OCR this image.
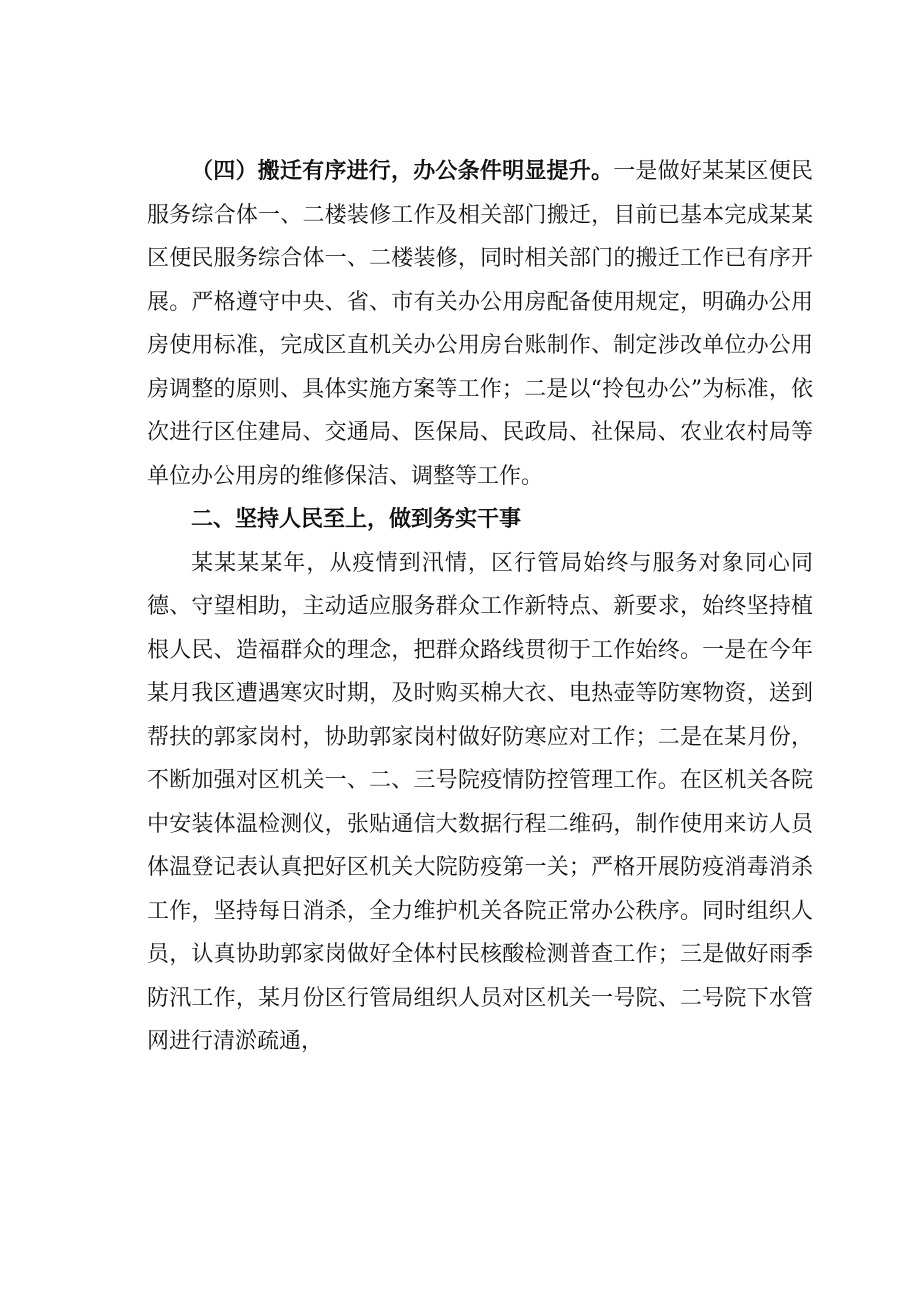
（四）搬迁有序进行，办公条件明显提升。一是做好某某区便民服务综合体一、二楼装修工作及相关部门搬迁，目前已基本完成某某区便民服务综合体一、二楼装修，同时相关部门的搬迁工作已有序开展。严格遵守中央、省、市有关办公用房配备使用规定，明确办公用房使用标准，完成区直机关办公用房台账制作、制定涉改单位办公用房调整的原则、具体实施方案等工作；二是以“拎包办公”为标准，依次进行区住建局、交通局、医保局、民政局、社保局、农业农村局等单位办公用房的维修保洁、调整等工作。

二、坚持人民至上，做到务实干事

某某某某年，从疫情到汛情，区行管局始终与服务对象同心同德、守望相助，主动适应服务群众工作新特点、新要求，始终坚持植根人民、造福群众的理念，把群众路线贯彻于工作始终。一是在今年某月我区遭遇寒灾时期，及时购买棉大衣、电热壶等防寒物资，送到帮扶的郭家岗村，协助郭家岗村做好防寒应对工作；二是在某月份，不断加强对区机关一、二、三号院疫情防控管理工作。在区机关各院中安装体温检测仪，张贴通信大数据行程二维码，制作使用来访人员体温登记表认真把好区机关大院防疫第一关；严格开展防疫消毒消杀工作，坚持每日消杀，全力维护机关各院正常办公秩序。同时组织人员，认真协助郭家岗做好全体村民核酸检测普查工作；三是做好雨季防汛工作，某月份区行管局组织人员对区机关一号院、二号院下水管网进行清淤疏通，
